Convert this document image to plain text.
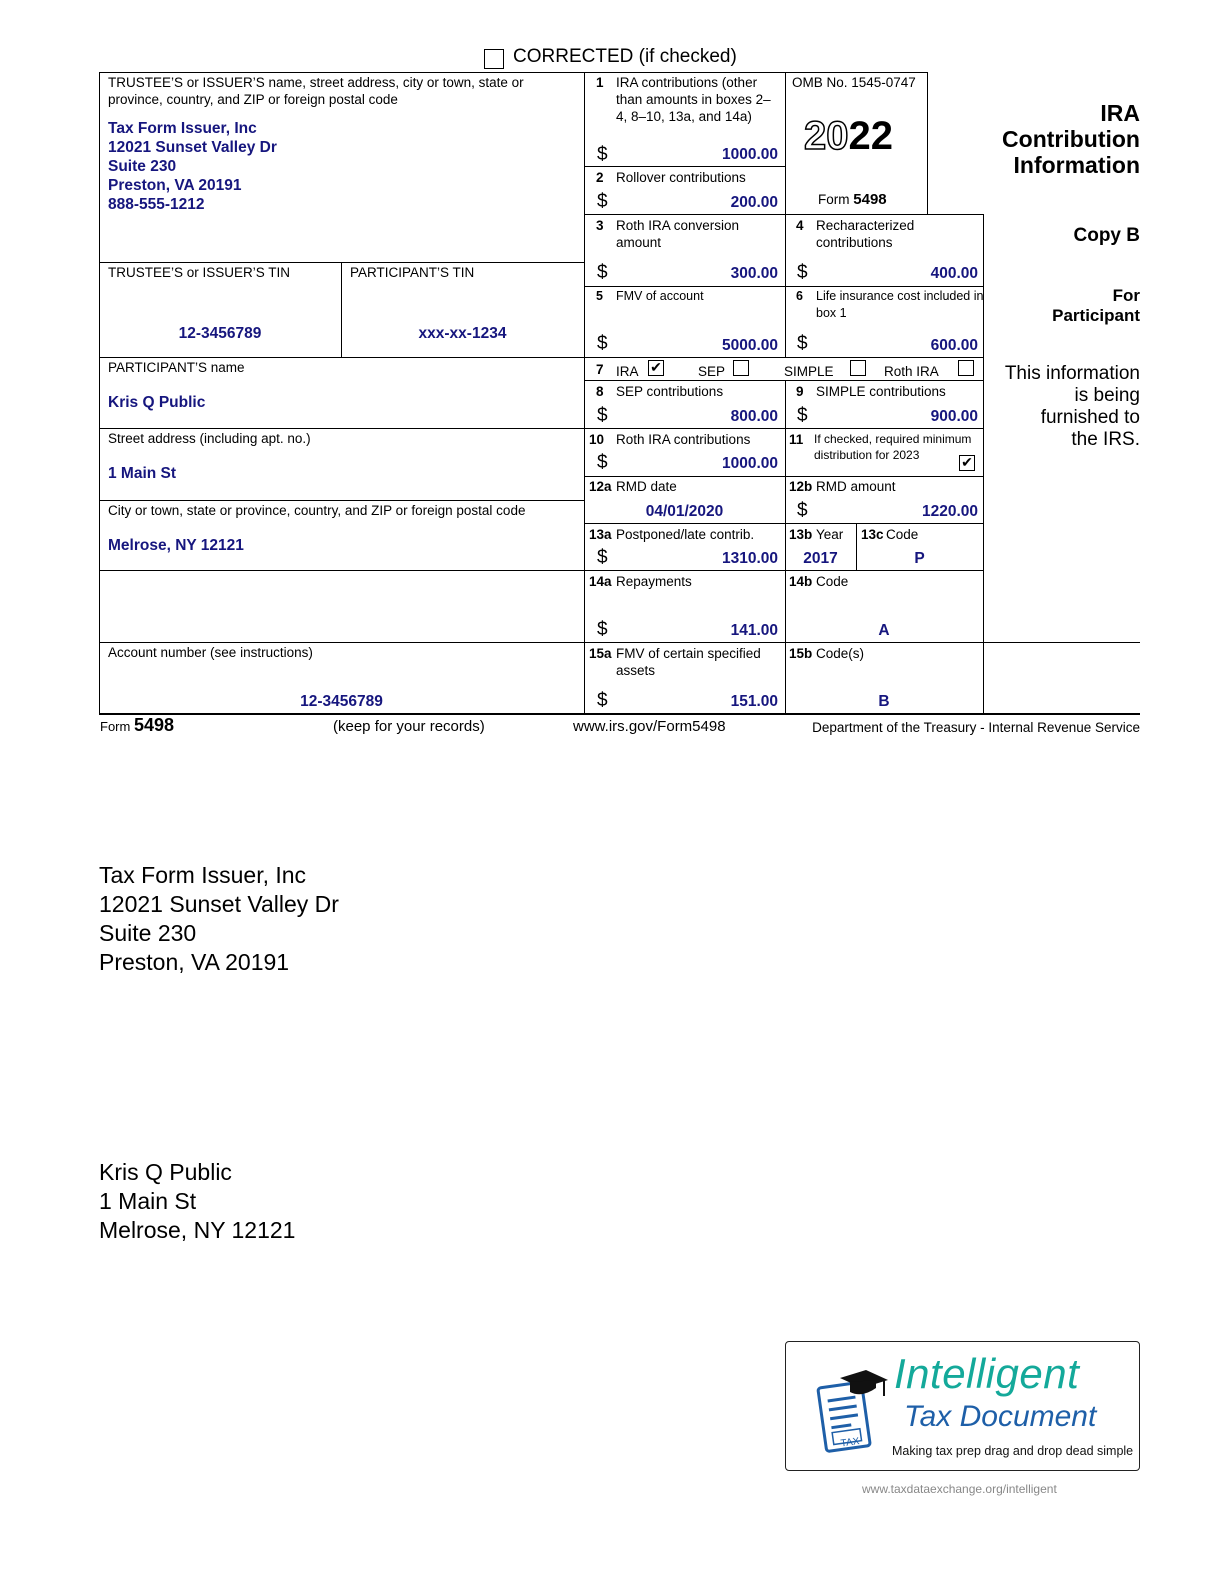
CORRECTED (if checked)
TRUSTEE’S or ISSUER’S name, street address, city or town, state or province, country, and ZIP or foreign postal code
Tax Form Issuer, Inc
12021 Sunset Valley Dr
Suite 230
Preston, VA 20191
888-555-1212
TRUSTEE’S or ISSUER’S TIN
12-3456789
PARTICIPANT’S TIN
xxx-xx-1234
PARTICIPANT’S name
Kris Q Public
Street address (including apt. no.)
1 Main St
City or town, state or province, country, and ZIP or foreign postal code
Melrose, NY 12121
Account number (see instructions)
12-3456789
1 IRA contributions (other than amounts in boxes 2–4, 8–10, 13a, and 14a)
$	1000.00
OMB No. 1545-0747
2022
Form 5498
2 Rollover contributions
$	200.00
IRA
Contribution
Information
3 Roth IRA conversion amount
$	300.00
4 Recharacterized contributions
$	400.00
Copy B
5 FMV of account
$	5000.00
6 Life insurance cost included in box 1
$	600.00
For
Participant
7 IRA ✔	SEP	SIMPLE	Roth IRA	This information
is being
furnished to
the IRS.
8 SEP contributions
$	800.00
9 SIMPLE contributions
$	900.00
10 Roth IRA contributions
$	1000.00
11 If checked, required minimum distribution for 2023	✔
12a RMD date
04/01/2020
12b RMD amount
$	1220.00
13a Postponed/late contrib.
$	1310.00
13b Year
2017
13c Code
P
14a Repayments
$	141.00
14b Code
A
15a FMV of certain specified assets
$	151.00
15b Code(s)
B
Form 5498	(keep for your records)	www.irs.gov/Form5498	Department of the Treasury - Internal Revenue Service
Tax Form Issuer, Inc
12021 Sunset Valley Dr
Suite 230
Preston, VA 20191
Kris Q Public
1 Main St
Melrose, NY 12121
TAX
Intelligent
Tax Document
Making tax prep drag and drop dead simple
www.taxdataexchange.org/intelligent
